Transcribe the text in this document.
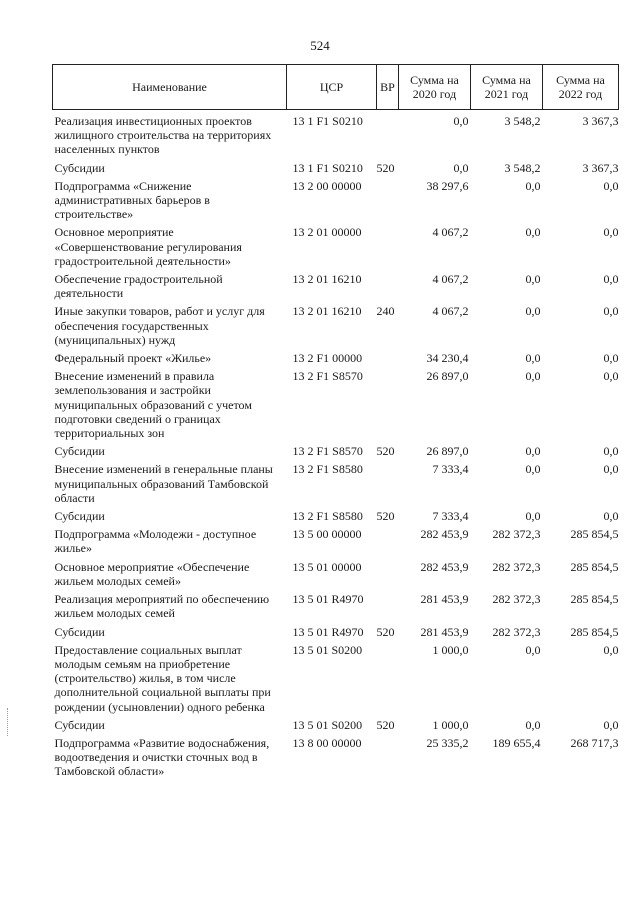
524
Наименование	ЦСР	ВР	Сумма на 2020 год	Сумма на 2021 год	Сумма на 2022 год

Реализация инвестиционных проектов жилищного строительства на территориях населенных пунктов	13 1 F1 S0210		0,0	3 548,2	3 367,3

Субсидии	13 1 F1 S0210	520	0,0	3 548,2	3 367,3

Подпрограмма «Снижение административных барьеров в строительстве»	13 2 00 00000		38 297,6	0,0	0,0

Основное мероприятие «Совершенствование регулирования градостроительной деятельности»	13 2 01 00000		4 067,2	0,0	0,0

Обеспечение градостроительной деятельности	13 2 01 16210		4 067,2	0,0	0,0

Иные закупки товаров, работ и услуг для обеспечения государственных (муниципальных) нужд	13 2 01 16210	240	4 067,2	0,0	0,0

Федеральный проект «Жилье»	13 2 F1 00000		34 230,4	0,0	0,0

Внесение изменений в правила землепользования и застройки муниципальных образований с учетом подготовки сведений о границах территориальных зон	13 2 F1 S8570		26 897,0	0,0	0,0

Субсидии	13 2 F1 S8570	520	26 897,0	0,0	0,0

Внесение изменений в генеральные планы муниципальных образований Тамбовской области	13 2 F1 S8580		7 333,4	0,0	0,0

Субсидии	13 2 F1 S8580	520	7 333,4	0,0	0,0

Подпрограмма «Молодежи - доступное жилье»	13 5 00 00000		282 453,9	282 372,3	285 854,5

Основное мероприятие «Обеспечение жильем молодых семей»	13 5 01 00000		282 453,9	282 372,3	285 854,5

Реализация мероприятий по обеспечению жильем молодых семей	13 5 01 R4970		281 453,9	282 372,3	285 854,5

Субсидии	13 5 01 R4970	520	281 453,9	282 372,3	285 854,5

Предоставление социальных выплат молодым семьям на приобретение (строительство) жилья, в том числе дополнительной социальной выплаты при рождении (усыновлении) одного ребенка	13 5 01 S0200		1 000,0	0,0	0,0

Субсидии	13 5 01 S0200	520	1 000,0	0,0	0,0

Подпрограмма «Развитие водоснабжения, водоотведения и очистки сточных вод в Тамбовской области»	13 8 00 00000		25 335,2	189 655,4	268 717,3
